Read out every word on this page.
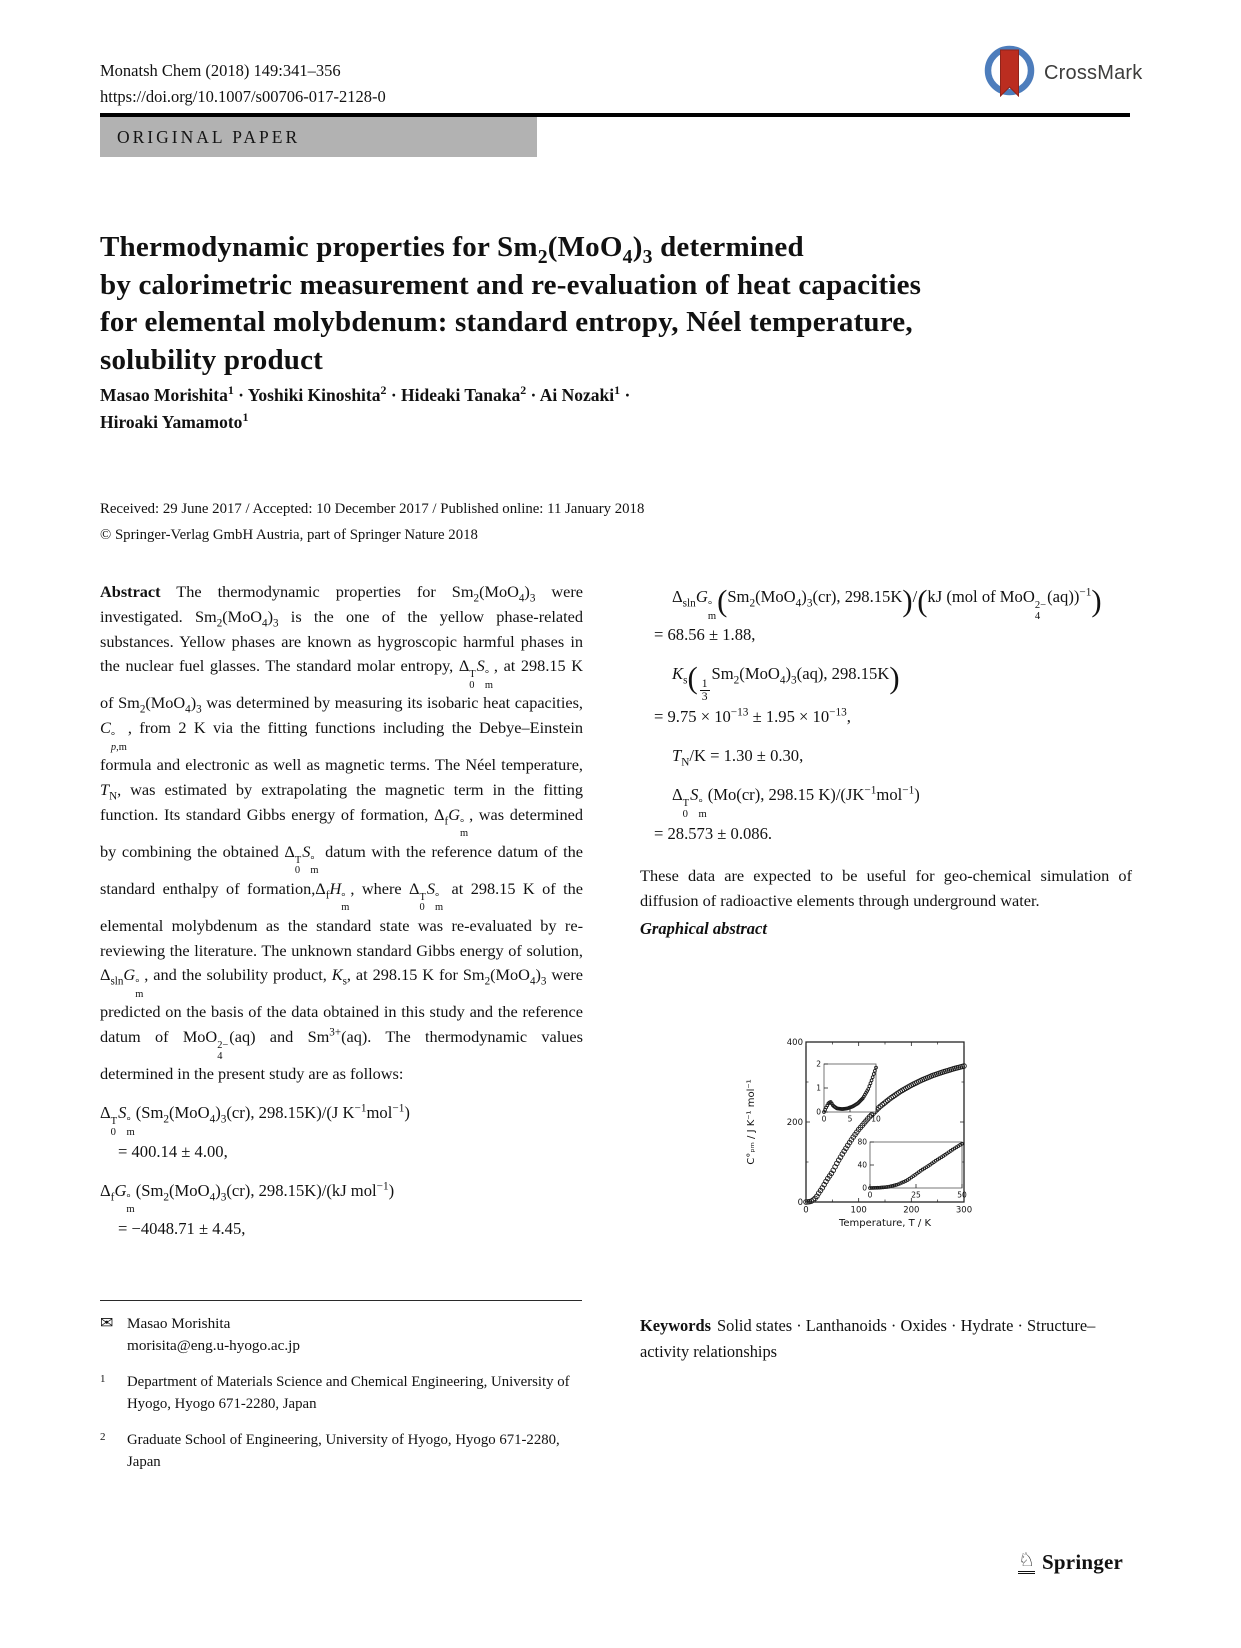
Monatsh Chem (2018) 149:341–356
https://doi.org/10.1007/s00706-017-2128-0
CrossMark
ORIGINAL PAPER
Thermodynamic properties for $Sm_2(MoO_4)_3$ determined
by calorimetric measurement and re-evaluation of heat capacities
for elemental molybdenum: standard entropy, Néel temperature,
solubility product
Masao Morishita$^1$ · Yoshiki Kinoshita$^2$ · Hideaki Tanaka$^2$ · Ai Nozaki$^1$ ·
Hiroaki Yamamoto$^1$
Received: 29 June 2017 / Accepted: 10 December 2017 / Published online: 11 January 2018
© Springer-Verlag GmbH Austria, part of Springer Nature 2018

Abstract The thermodynamic properties for $Sm_2(MoO_4)_3$ were investigated. $Sm_2(MoO_4)_3$ is the one of the yellow phase-related substances. Yellow phases are known as hygroscopic harmful phases in the nuclear fuel glasses. The standard molar entropy, Δ T
0
S °
m
, at 298.15 K of $Sm_2(MoO_4)_3$ was determined by measuring its isobaric heat capacities, C °
p,m
, from 2 K via the fitting functions including the Debye–Einstein formula and electronic as well as magnetic terms. The Néel temperature, $T_N$, was estimated by extrapolating the magnetic term in the fitting function. Its standard Gibbs energy of formation, $\Delta_fG$ °
m
, was determined by combining the obtained Δ T
0
S °
m
datum with the reference datum of the standard enthalpy of $formation,\Delta_fH$ °
m
, where Δ T
0
S °
m
at 298.15 K of the elemental molybdenum as the standard state was re-evaluated by re-reviewing the literature. The unknown standard Gibbs energy of solution, $\Delta_{sln}G$ °
m
, and the solubility product, $K_s$, at 298.15 K for $Sm_2(MoO_4)_3$ were predicted on the basis of the data obtained in this study and the reference datum of MoO 2−
4
(aq) and $Sm^{3+}(aq)$. The thermodynamic values determined in the present study are as follows:

Δ T
0
S °
m
($Sm_2(MoO_4)_3(cr)$, 298.15K)/(J $K^{-1}mol^{-1}$)
= 400.14 ± 4.00,
$\Delta_fG$ °
m
($Sm_2(MoO_4)_3(cr)$, 298.15K)/(kJ mol$^{-1}$)
= −4048.71 ± 4.45,
$\Delta_{sln}G$ °
m ($Sm_2(MoO_4)_3(cr)$, 298.15K)/(kJ (mol of MoO 2−
4
(aq))$^{-1}$)
= 68.56 ± 1.88,
$K_s( \frac{1}{3}$
$Sm_2(MoO_4)_3(aq)$, 298.15K)
= $9.75 \times 10^{-13} \pm 1.95 \times 10^{-13}$,
$T_N/K = 1.30 \pm 0.30$,
Δ T
0
S °
m
(Mo(cr), 298.15 $K)/(JK^{-1}mol^{-1})$
= 28.573 ± 0.086.

These data are expected to be useful for geo-chemical simulation of diffusion of radioactive elements through underground water.

Graphical abstract

0	100	200	300
0
200
400
0	5	10
0
1
2
0	25	50
0
40
80
Temperature, T / K
C°ₚₘ / J K⁻¹ mol⁻¹
Keywords Solid states · Lanthanoids · Oxides · Hydrate · Structure–activity relationships
✉ Masao Morishita
morisita@eng.u-hyogo.ac.jp
1	Department of Materials Science and Chemical Engineering, University of Hyogo, Hyogo 671-2280, Japan
2	Graduate School of Engineering, University of Hyogo, Hyogo 671-2280, Japan
♘ Springer
